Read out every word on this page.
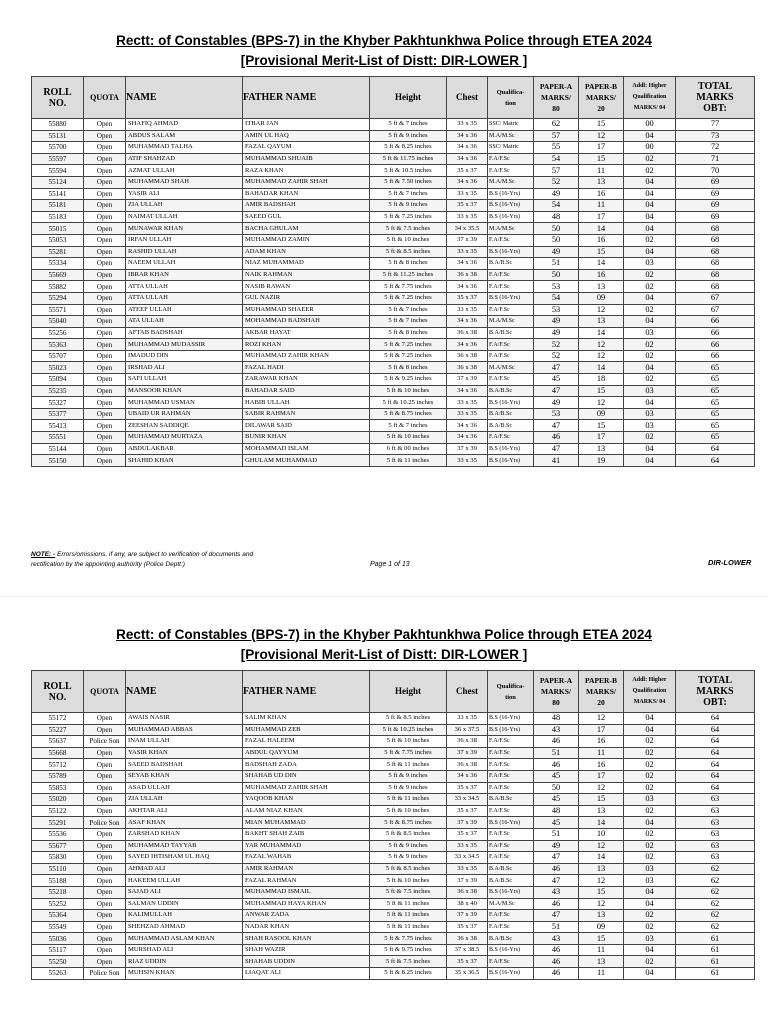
Rectt: of Constables (BPS-7) in the Khyber Pakhtunkhwa Police through ETEA 2024
[Provisional Merit-List of Distt: DIR-LOWER ]
ROLL
NO.	QUOTA	NAME	FATHER NAME	Height	Chest	Qualifica-
tion	PAPER-A
MARKS/
80	PAPER-B
MARKS/
20	Addl: Higher
Qualification
MARKS/ 04	TOTAL
MARKS
OBT:
55880	Open	SHAFIQ AHMAD	ITBAR JAN	5 ft & 7 inches	33 x 35	SSC/ Matric	62	15	00	77
55131	Open	ABDUS SALAM	AMIN UL HAQ	5 ft & 9 inches	34 x 36	M.A/M.Sc	57	12	04	73
55700	Open	MUHAMMAD TALHA	FAZAL QAYUM	5 ft & 8.25 inches	34 x 36	SSC/ Matric	55	17	00	72
55597	Open	ATIF SHAHZAD	MUHAMMAD SHUAIB	5 ft & 11.75 inches	34 x 36	F.A/F.Sc	54	15	02	71
55594	Open	AZMAT ULLAH	RAZA KHAN	5 ft & 10.5 inches	35 x 37	F.A/F.Sc	57	11	02	70
55124	Open	MUHAMMAD SHAH	MUHAMMAD ZAHIR SHAH	5 ft & 7.50 inches	34 x 36	M.A/M.Sc	52	13	04	69
55141	Open	YASIR ALI	BAHADAR KHAN	5 ft & 7 inches	33 x 35	B.S (16-Yrs)	49	16	04	69
55181	Open	ZIA ULLAH	AMIR BADSHAH	5 ft & 9 inches	35 x 37	B.S (16-Yrs)	54	11	04	69
55183	Open	NAIMAT ULLAH	SAEED GUL	5 ft & 7.25 inches	33 x 35	B.S (16-Yrs)	48	17	04	69
55015	Open	MUNAWAR KHAN	BACHA GHULAM	5 ft & 7.5 inches	34 x 35.5	M.A/M.Sc	50	14	04	68
55053	Open	IRFAN ULLAH	MUHAMMAD ZAMIN	5 ft & 10 inches	37 x 39	F.A/F.Sc	50	16	02	68
55281	Open	RASHID ULLAH	ADAM KHAN	5 ft & 8.5 inches	33 x 35	B.S (16-Yrs)	49	15	04	68
55334	Open	NAEEM ULLAH	NIAZ MUHAMMAD	5 ft & 8 inches	34 x 36	B.A/B.Sc	51	14	03	68
55669	Open	IBRAR KHAN	NAIK RAHMAN	5 ft & 11.25 inches	36 x 38	F.A/F.Sc	50	16	02	68
55882	Open	ATTA ULLAH	NASIB RAWAN	5 ft & 7.75 inches	34 x 36	F.A/F.Sc	53	13	02	68
55294	Open	ATTA ULLAH	GUL NAZIR	5 ft & 7.25 inches	35 x 37	B.S (16-Yrs)	54	09	04	67
55571	Open	ATEEF ULLAH	MUHAMMAD SHAEER	5 ft & 7 inches	33 x 35	F.A/F.Sc	53	12	02	67
55040	Open	ATA ULLAH	MOHAMMAD BADSHAH	5 ft & 7 inches	34 x 36	M.A/M.Sc	49	13	04	66
55256	Open	AFTAB BADSHAH	AKBAR HAYAT	5 ft & 8 inches	36 x 38	B.A/B.Sc	49	14	03	66
55363	Open	MUHAMMAD MUDASSIR	ROZI KHAN	5 ft & 7.25 inches	34 x 36	F.A/F.Sc	52	12	02	66
55707	Open	IMADUD DIN	MUHAMMAD ZAHIR KHAN	5 ft & 7.25 inches	36 x 38	F.A/F.Sc	52	12	02	66
55023	Open	IRSHAD ALI	FAZAL HADI	5 ft & 8 inches	36 x 38	M.A/M.Sc	47	14	04	65
55094	Open	SAFI ULLAH	ZARAWAR KHAN	5 ft & 9.25 inches	37 x 39	F.A/F.Sc	45	18	02	65
55235	Open	MANSOOR KHAN	BAHADAR SAID	5 ft & 10 inches	34 x 36	B.A/B.Sc	47	15	03	65
55327	Open	MUHAMMAD USMAN	HABIB ULLAH	5 ft & 10.25 inches	33 x 35	B.S (16-Yrs)	49	12	04	65
55377	Open	UBAID UR RAHMAN	SABIR RAHMAN	5 ft & 8.75 inches	33 x 35	B.A/B.Sc	53	09	03	65
55413	Open	ZEESHAN SADDIQE	DILAWAR SAID	5 ft & 7 inches	34 x 36	B.A/B.Sc	47	15	03	65
55551	Open	MUHAMMAD MURTAZA	BUNIR KHAN	5 ft & 10 inches	34 x 36	F.A/F.Sc	46	17	02	65
55144	Open	ABDULAKBAR	MOHAMMAD ISLAM	6 ft & 00 inches	37 x 39	B.S (16-Yrs)	47	13	04	64
55150	Open	SHAHID KHAN	GHULAM MUHAMMAD	5 ft & 11 inches	33 x 35	B.S (16-Yrs)	41	19	04	64
NOTE: - Errors/omissions, if any, are subject to verification of documents and
rectification by the appointing authority (Police Deptt:)	Page 1 of 13	DIR-LOWER
Rectt: of Constables (BPS-7) in the Khyber Pakhtunkhwa Police through ETEA 2024
[Provisional Merit-List of Distt: DIR-LOWER ]
ROLL
NO.	QUOTA	NAME	FATHER NAME	Height	Chest	Qualifica-
tion	PAPER-A
MARKS/
80	PAPER-B
MARKS/
20	Addl: Higher
Qualification
MARKS/ 04	TOTAL
MARKS
OBT:
55172	Open	AWAIS NASIR	SALIM KHAN	5 ft & 8.5 inches	33 x 35	B.S (16-Yrs)	48	12	04	64
55227	Open	MUHAMMAD ABBAS	MUHAMMAD ZEB	5 ft & 10.25 inches	36 x 37.5	B.S (16-Yrs)	43	17	04	64
55637	Police Son	INAM ULLAH	FAZAL HALEEM	5 ft & 10 inches	36 x 38	F.A/F.Sc	46	16	02	64
55668	Open	YASIR KHAN	ABDUL QAYYUM	5 ft & 7.75 inches	37 x 39	F.A/F.Sc	51	11	02	64
55712	Open	SAEED BADSHAH	BADSHAH ZADA	5 ft & 11 inches	36 x 38	F.A/F.Sc	46	16	02	64
55789	Open	SEYAB KHAN	SHAHAB UD DIN	5 ft & 9 inches	34 x 36	F.A/F.Sc	45	17	02	64
55853	Open	ASAD ULLAH	MUHAMMAD ZAHIR SHAH	5 ft & 9 inches	35 x 37	F.A/F.Sc	50	12	02	64
55020	Open	ZIA ULLAH	YAQOOB KHAN	5 ft & 11 inches	33 x 34.5	B.A/B.Sc	45	15	03	63
55122	Open	AKHTAR ALI	ALAM NIAZ KHAN	5 ft & 10 inches	35 x 37	F.A/F.Sc	48	13	02	63
55291	Police Son	ASAF KHAN	MIAN MUHAMMAD	5 ft & 8.75 inches	37 x 39	B.S (16-Yrs)	45	14	04	63
55536	Open	ZARSHAD KHAN	BAKHT SHAH ZAIB	5 ft & 8.5 inches	35 x 37	F.A/F.Sc	51	10	02	63
55677	Open	MUHAMMAD TAYYAB	YAR MUHAMMAD	5 ft & 9 inches	33 x 35	F.A/F.Sc	49	12	02	63
55830	Open	SAYED IHTISHAM UL HAQ	FAZAL WAHAB	5 ft & 9 inches	33 x 34.5	F.A/F.Sc	47	14	02	63
55110	Open	AHMAD ALI	AMIR RAHMAN	5 ft & 8.5 inches	33 x 35	B.A/B.Sc	46	13	03	62
55188	Open	HAKEEM ULLAH	FAZAL RAHMAN	5 ft & 10 inches	37 x 39	B.A/B.Sc	47	12	03	62
55218	Open	SAJAD ALI	MUHAMMAD ISMAIL	5 ft & 7.5 inches	36 x 38	B.S (16-Yrs)	43	15	04	62
55252	Open	SALMAN UDDIN	MUHAMMAD HAYA KHAN	5 ft & 11 inches	38 x 40	M.A/M.Sc	46	12	04	62
55364	Open	KALIMULLAH	ANWAR ZADA	5 ft & 11 inches	37 x 39	F.A/F.Sc	47	13	02	62
55549	Open	SHEHZAD AHMAD	NADAR KHAN	5 ft & 11 inches	35 x 37	F.A/F.Sc	51	09	02	62
55036	Open	MUHAMMAD ASLAM KHAN	SHAH RASOOL KHAN	5 ft & 7.75 inches	36 x 38	B.A/B.Sc	43	15	03	61
55117	Open	MURSHAD ALI	SHAH WAZIR	5 ft & 9.75 inches	37 x 38.5	B.S (16-Yrs)	46	11	04	61
55250	Open	RIAZ UDDIN	SHAHAB UDDIN	5 ft & 7.5 inches	35 x 37	F.A/F.Sc	46	13	02	61
55263	Police Son	MUHSIN KHAN	LIAQAT ALI	5 ft & 8.25 inches	35 x 36.5	B.S (16-Yrs)	46	11	04	61
